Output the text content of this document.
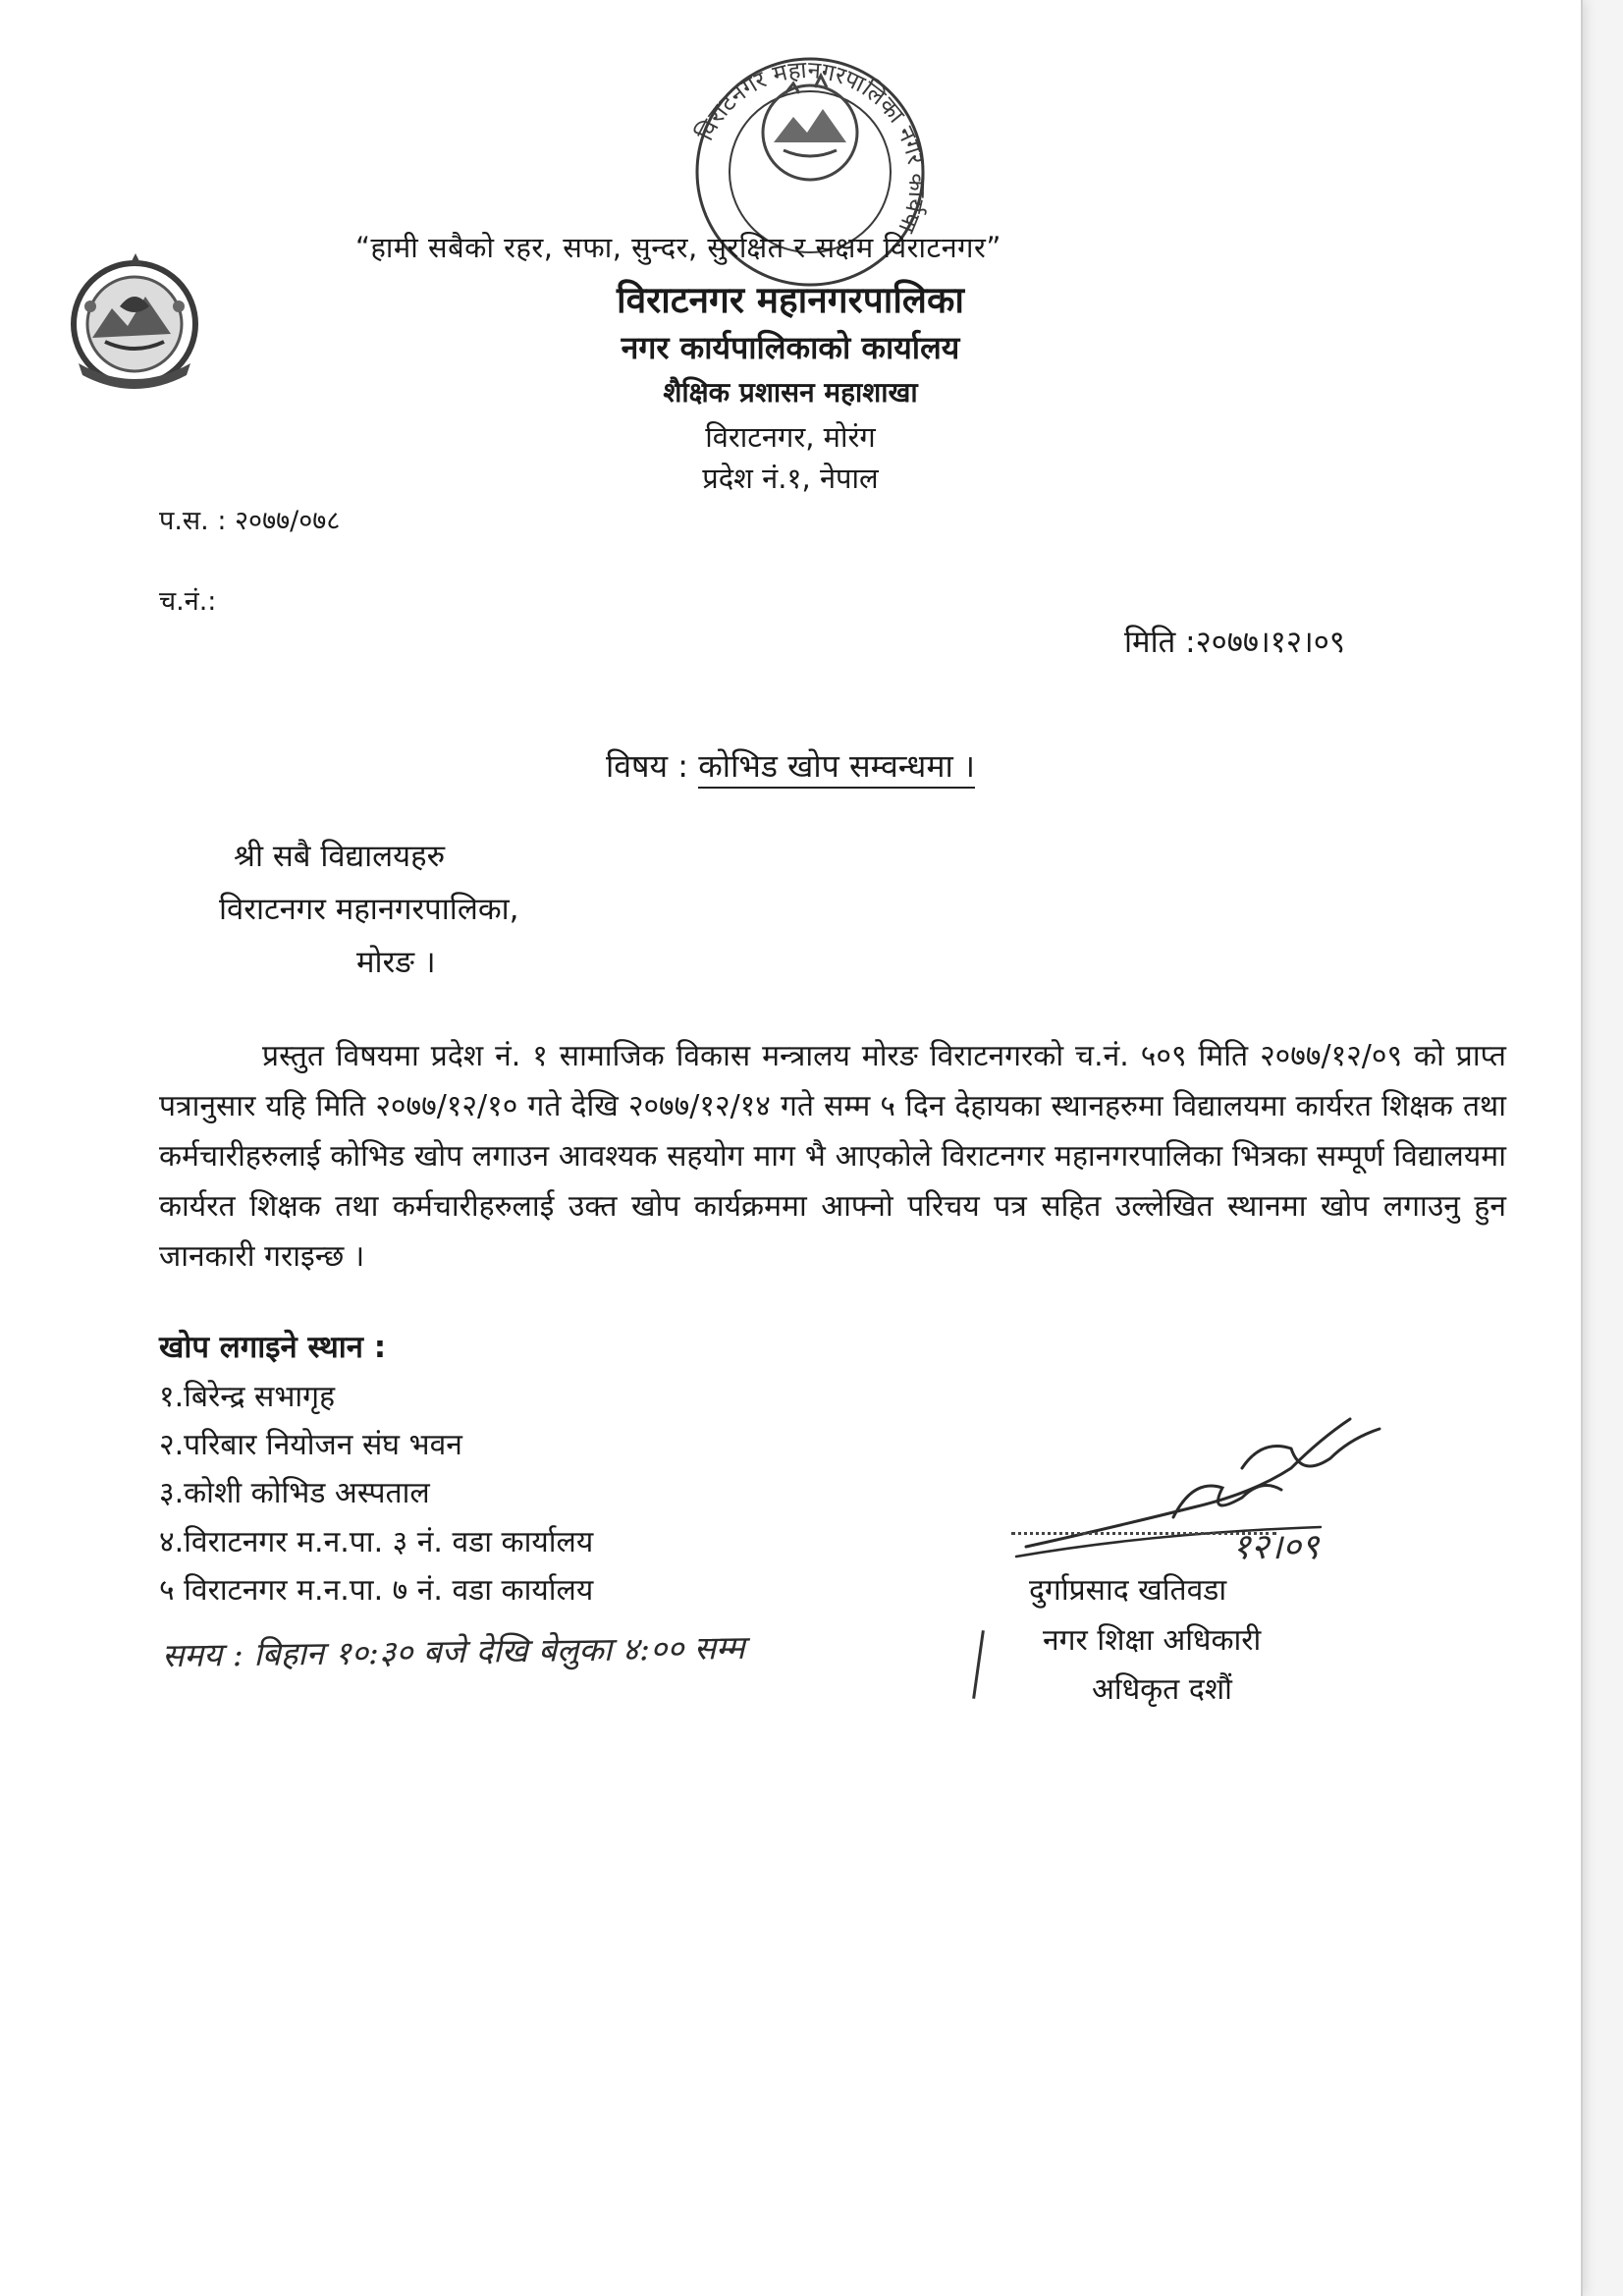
विराटनगर महानगरपालिका नगर कार्यपालिकाको
“हामी सबैको रहर, सफा, सुन्दर, सुरक्षित र सक्षम विराटनगर”
विराटनगर महानगरपालिका
नगर कार्यपालिकाको कार्यालय
शैक्षिक प्रशासन महाशाखा
विराटनगर, मोरंग
प्रदेश नं.१, नेपाल
प.स. : २०७७/०७८
च.नं.:
मिति :२०७७।१२।०९
विषय : कोभिड खोप सम्वन्धमा ।
श्री सबै विद्यालयहरु
विराटनगर महानगरपालिका,
मोरङ ।

प्रस्तुत विषयमा प्रदेश नं. १ सामाजिक विकास मन्त्रालय मोरङ विराटनगरको च.नं. ५०९ मिति २०७७/१२/०९ को प्राप्त पत्रानुसार यहि मिति २०७७/१२/१० गते देखि २०७७/१२/१४ गते सम्म ५ दिन देहायका स्थानहरुमा विद्यालयमा कार्यरत शिक्षक तथा कर्मचारीहरुलाई कोभिड खोप लगाउन आवश्यक सहयोग माग भै आएकोले विराटनगर महानगरपालिका भित्रका सम्पूर्ण विद्यालयमा कार्यरत शिक्षक तथा कर्मचारीहरुलाई उक्त खोप कार्यक्रममा आफ्नो परिचय पत्र सहित उल्लेखित स्थानमा खोप लगाउनु हुन जानकारी गराइन्छ ।

खोप लगाइने स्थान :
१.बिरेन्द्र सभागृह
२.परिबार नियोजन संघ भवन
३.कोशी कोभिड अस्पताल
४.विराटनगर म.न.पा. ३ नं. वडा कार्यालय
५ विराटनगर म.न.पा. ७ नं. वडा कार्यालय
समय : बिहान १०:३० बजे देखि बेलुका ४:०० सम्म
१२।०९
दुर्गाप्रसाद खतिवडा
नगर शिक्षा अधिकारी
अधिकृत दशौं
